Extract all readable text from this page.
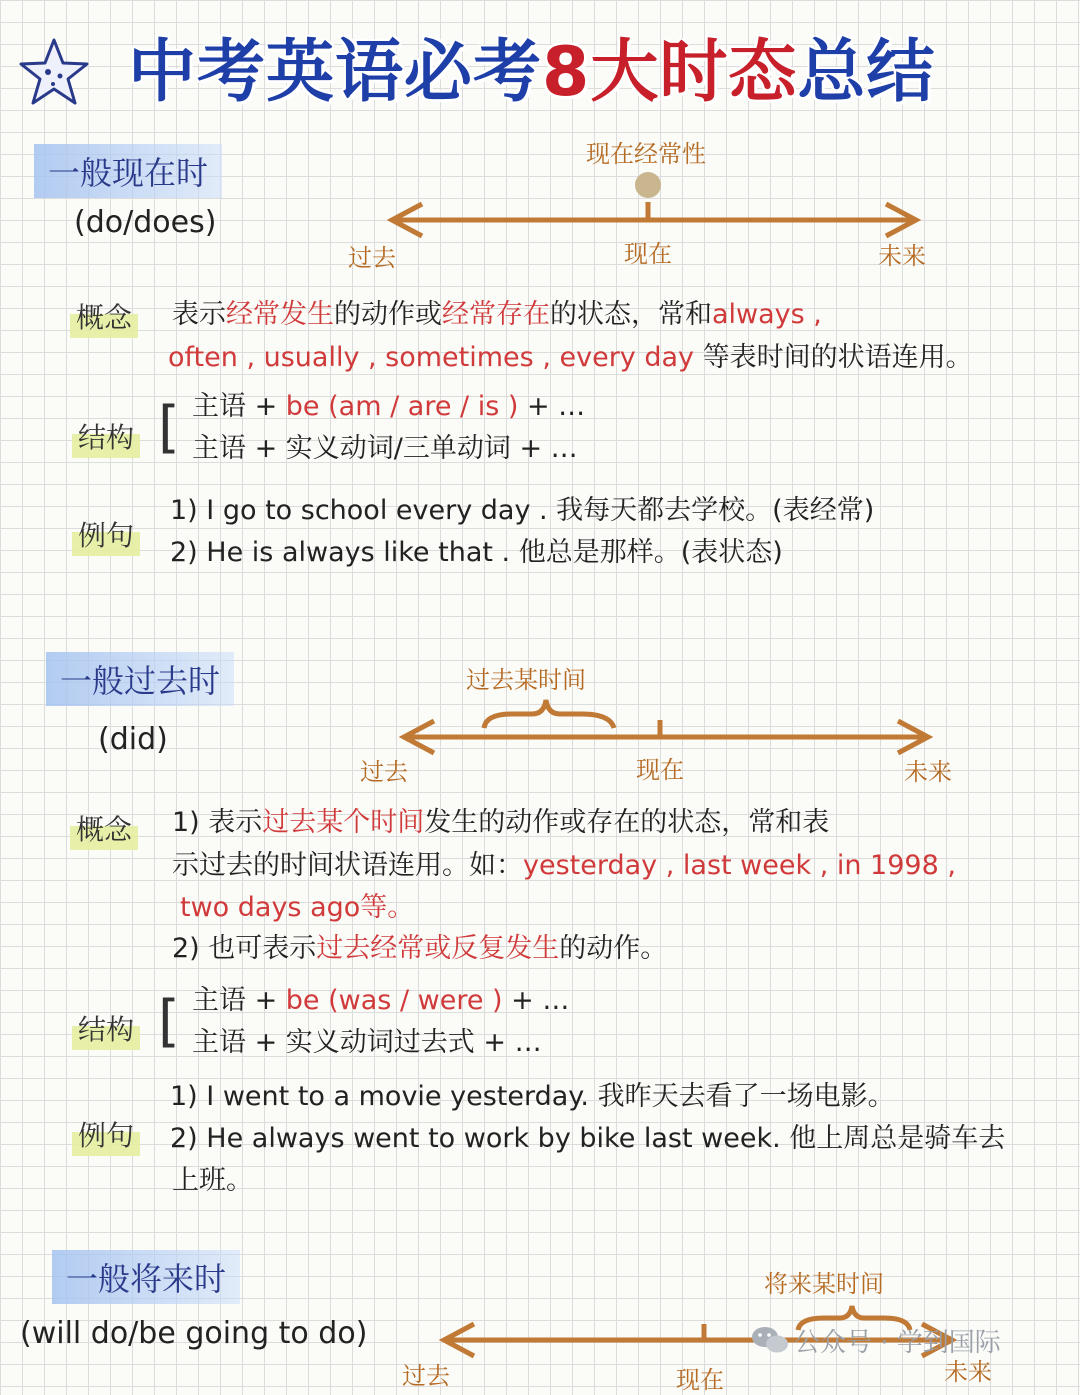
中考英语必考8大时态总结
一般现在时
(do/does)
现在经常性
过去	现在	未来
概念 表示经常发生的动作或经常存在的状态，常和always ,
often , usually , sometimes , every day 等表时间的状语连用。
结构 [ 主语 + be (am / are / is ) + …
主语 + 实义动词/三单动词 + …
例句
1) I go to school every day . 我每天都去学校。(表经常)
2) He is always like that . 他总是那样。(表状态)
一般过去时
(did)
过去某时间
过去	现在	未来
概念 1) 表示过去某个时间发生的动作或存在的状态，常和表
示过去的时间状语连用。如：yesterday , last week , in 1998 ,
two days ago等。
2) 也可表示过去经常或反复发生的动作。
结构 [ 主语 + be (was / were ) + …
主语 + 实义动词过去式 + …
例句
1) I went to a movie yesterday. 我昨天去看了一场电影。
2) He always went to work by bike last week. 他上周总是骑车去
上班。
一般将来时
(will do/be going to do)
将来某时间
过去	现在	未来
公众号 · 学到国际
